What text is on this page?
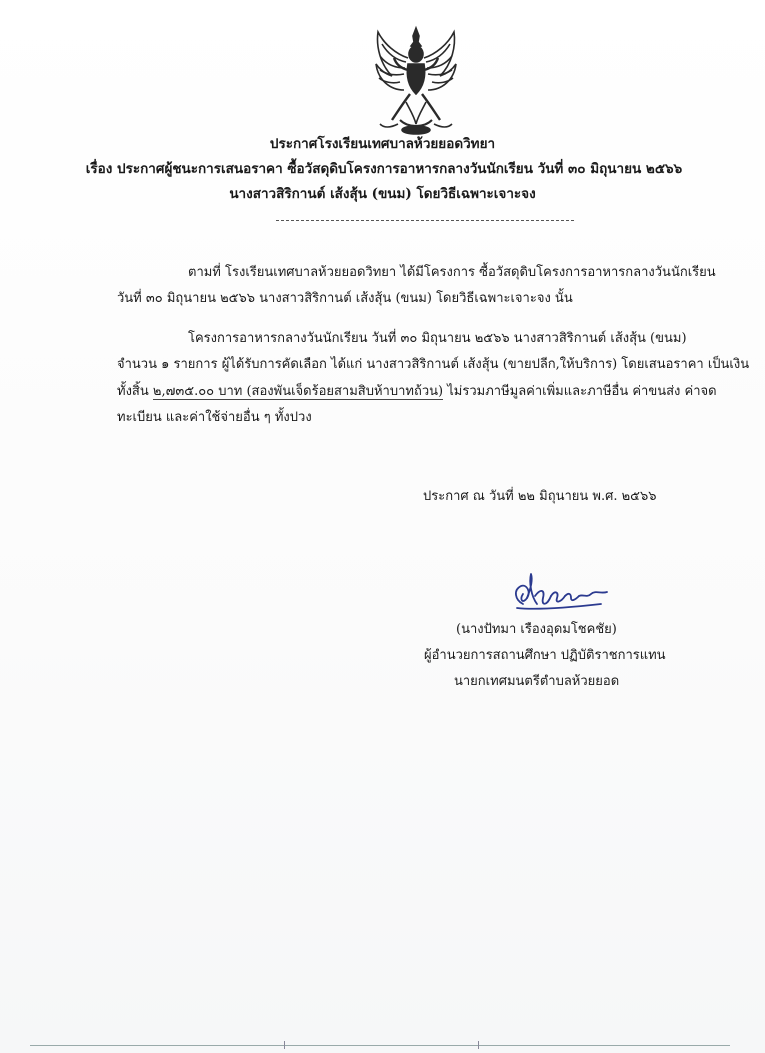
ประกาศโรงเรียนเทศบาลห้วยยอดวิทยา
เรื่อง ประกาศผู้ชนะการเสนอราคา ซื้อวัสดุดิบโครงการอาหารกลางวันนักเรียน วันที่ ๓๐ มิถุนายน ๒๕๖๖
นางสาวสิริกานต์ เส้งสุ้น (ขนม) โดยวิธีเฉพาะเจาะจง
ตามที่ โรงเรียนเทศบาลห้วยยอดวิทยา ได้มีโครงการ ซื้อวัสดุดิบโครงการอาหารกลางวันนักเรียน
วันที่ ๓๐ มิถุนายน ๒๕๖๖ นางสาวสิริกานต์ เส้งสุ้น (ขนม) โดยวิธีเฉพาะเจาะจง นั้น
โครงการอาหารกลางวันนักเรียน วันที่ ๓๐ มิถุนายน ๒๕๖๖ นางสาวสิริกานต์ เส้งสุ้น (ขนม)
จำนวน ๑ รายการ ผู้ได้รับการคัดเลือก ได้แก่ นางสาวสิริกานต์ เส้งสุ้น (ขายปลีก,ให้บริการ) โดยเสนอราคา เป็นเงิน
ทั้งสิ้น ๒,๗๓๕.๐๐ บาท (สองพันเจ็ดร้อยสามสิบห้าบาทถ้วน) ไม่รวมภาษีมูลค่าเพิ่มและภาษีอื่น ค่าขนส่ง ค่าจด
ทะเบียน และค่าใช้จ่ายอื่น ๆ ทั้งปวง
ประกาศ ณ วันที่ ๒๒ มิถุนายน พ.ศ. ๒๕๖๖
(นางปัทมา เรืองอุดมโชคชัย)
ผู้อำนวยการสถานศึกษา ปฏิบัติราชการแทน
นายกเทศมนตรีตำบลห้วยยอด
